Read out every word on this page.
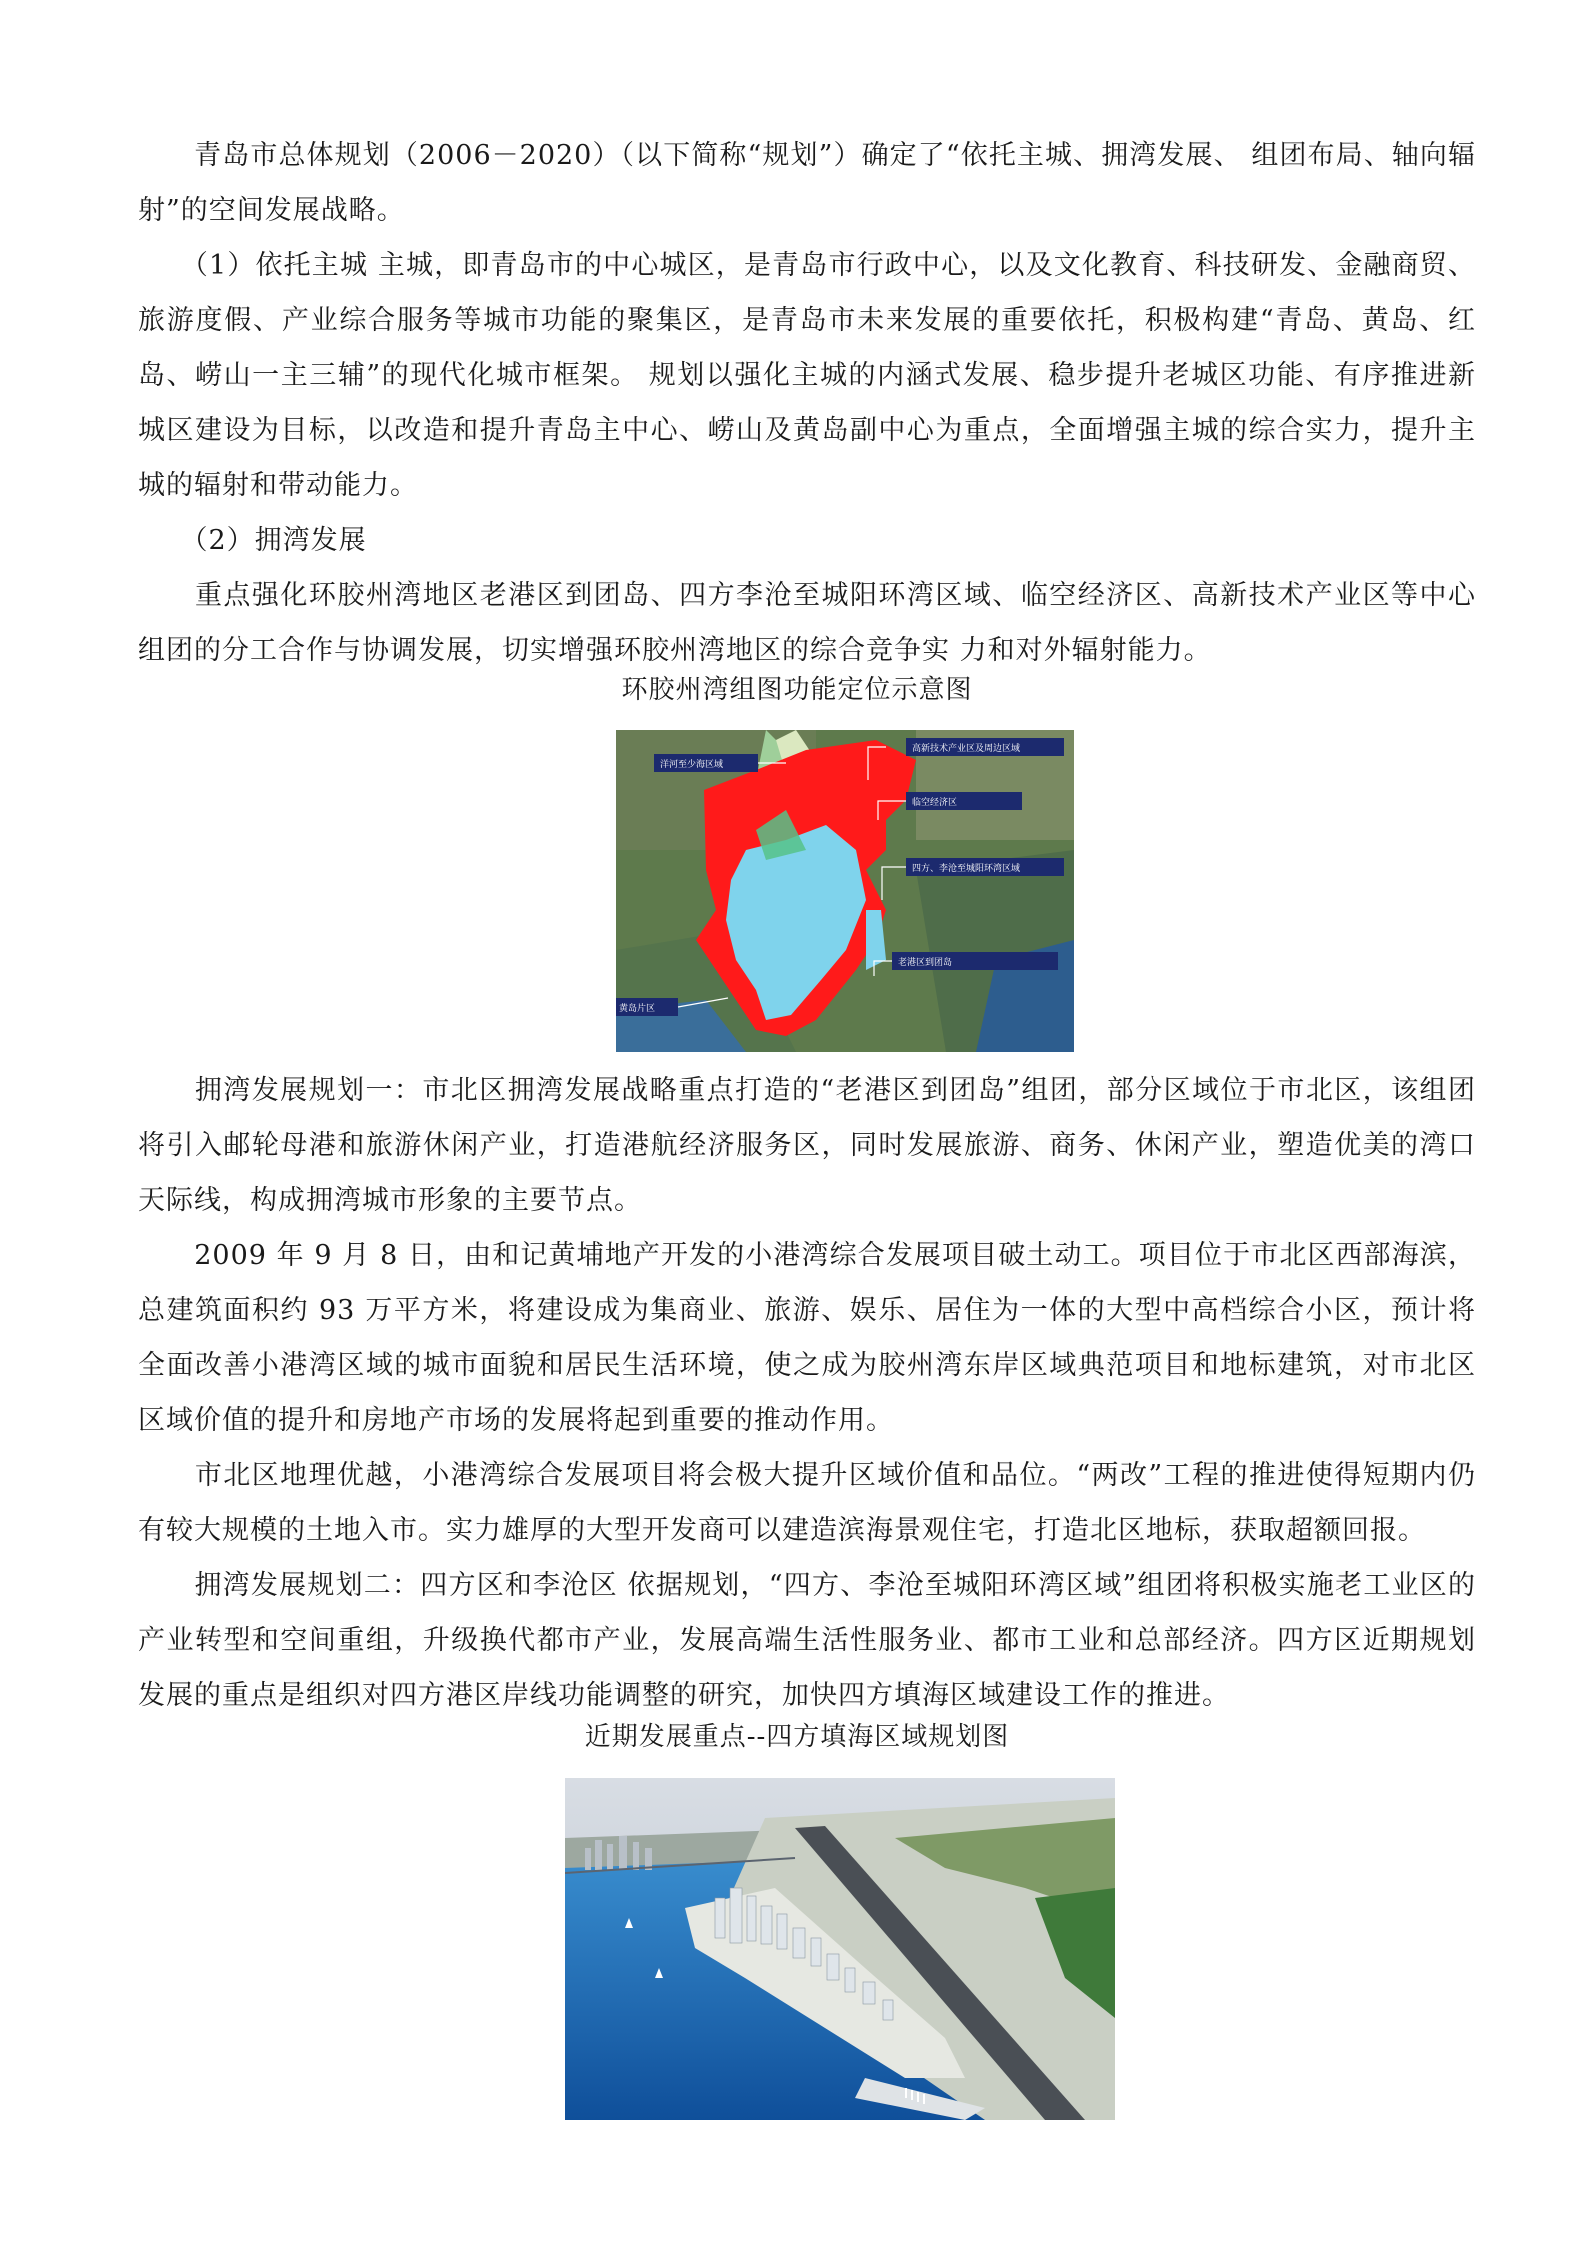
　　青岛市总体规划（2006－2020）（以下简称“规划”）确定了“依托主城、拥湾发展、 组团布局、轴向辐射”的空间发展战略。

　　（1）依托主城 主城，即青岛市的中心城区，是青岛市行政中心，以及文化教育、科技研发、金融商贸、旅游度假、产业综合服务等城市功能的聚集区，是青岛市未来发展的重要依托，积极构建“青岛、黄岛、红岛、崂山一主三辅”的现代化城市框架。 规划以强化主城的内涵式发展、稳步提升老城区功能、有序推进新城区建设为目标，以改造和提升青岛主中心、崂山及黄岛副中心为重点，全面增强主城的综合实力，提升主城的辐射和带动能力。

　　（2）拥湾发展

　　重点强化环胶州湾地区老港区到团岛、四方李沧至城阳环湾区域、临空经济区、高新技术产业区等中心组团的分工合作与协调发展，切实增强环胶州湾地区的综合竞争实 力和对外辐射能力。

环胶州湾组图功能定位示意图

洋河至少海区域
高新技术产业区及周边区域
临空经济区
四方、李沧至城阳环湾区域
老港区到团岛
黄岛片区

　　拥湾发展规划一：市北区拥湾发展战略重点打造的“老港区到团岛”组团，部分区域位于市北区，该组团将引入邮轮母港和旅游休闲产业，打造港航经济服务区，同时发展旅游、商务、休闲产业，塑造优美的湾口天际线，构成拥湾城市形象的主要节点。

　　2009 年 9 月 8 日，由和记黄埔地产开发的小港湾综合发展项目破土动工。项目位于市北区西部海滨，总建筑面积约 93 万平方米，将建设成为集商业、旅游、娱乐、居住为一体的大型中高档综合小区，预计将全面改善小港湾区域的城市面貌和居民生活环境，使之成为胶州湾东岸区域典范项目和地标建筑，对市北区区域价值的提升和房地产市场的发展将起到重要的推动作用。

　　市北区地理优越，小港湾综合发展项目将会极大提升区域价值和品位。“两改”工程的推进使得短期内仍有较大规模的土地入市。实力雄厚的大型开发商可以建造滨海景观住宅，打造北区地标，获取超额回报。

　　拥湾发展规划二：四方区和李沧区 依据规划，“四方、李沧至城阳环湾区域”组团将积极实施老工业区的产业转型和空间重组，升级换代都市产业，发展高端生活性服务业、都市工业和总部经济。四方区近期规划发展的重点是组织对四方港区岸线功能调整的研究，加快四方填海区域建设工作的推进。

近期发展重点--四方填海区域规划图
